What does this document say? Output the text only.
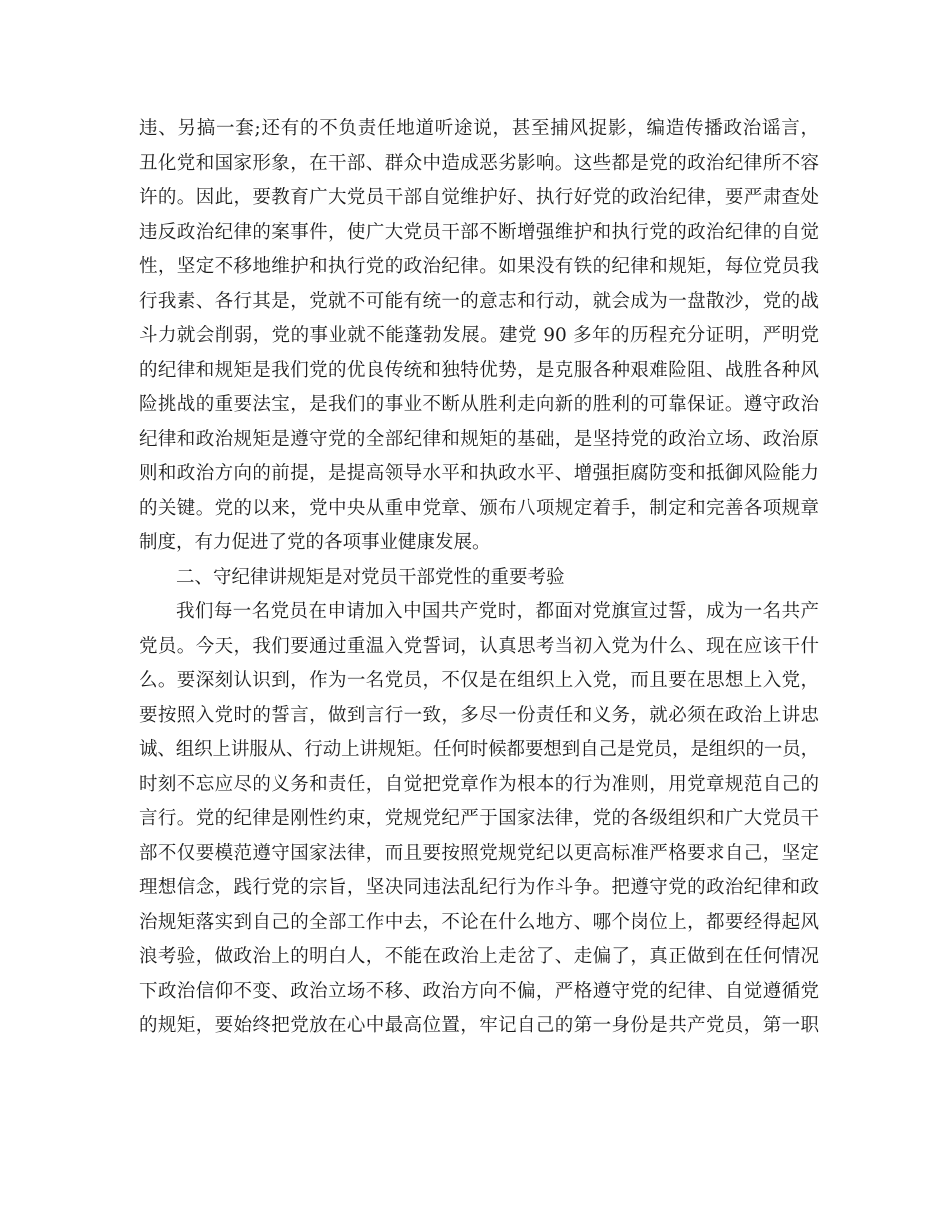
违、另搞一套;还有的不负责任地道听途说，甚至捕风捉影，编造传播政治谣言，
丑化党和国家形象，在干部、群众中造成恶劣影响。这些都是党的政治纪律所不容
许的。因此，要教育广大党员干部自觉维护好、执行好党的政治纪律，要严肃查处
违反政治纪律的案事件，使广大党员干部不断增强维护和执行党的政治纪律的自觉
性，坚定不移地维护和执行党的政治纪律。如果没有铁的纪律和规矩，每位党员我
行我素、各行其是，党就不可能有统一的意志和行动，就会成为一盘散沙，党的战
斗力就会削弱，党的事业就不能蓬勃发展。建党 90 多年的历程充分证明，严明党
的纪律和规矩是我们党的优良传统和独特优势，是克服各种艰难险阻、战胜各种风
险挑战的重要法宝，是我们的事业不断从胜利走向新的胜利的可靠保证。遵守政治
纪律和政治规矩是遵守党的全部纪律和规矩的基础，是坚持党的政治立场、政治原
则和政治方向的前提，是提高领导水平和执政水平、增强拒腐防变和抵御风险能力
的关键。党的以来，党中央从重申党章、颁布八项规定着手，制定和完善各项规章
制度，有力促进了党的各项事业健康发展。
二、守纪律讲规矩是对党员干部党性的重要考验
我们每一名党员在申请加入中国共产党时，都面对党旗宣过誓，成为一名共产
党员。今天，我们要通过重温入党誓词，认真思考当初入党为什么、现在应该干什
么。要深刻认识到，作为一名党员，不仅是在组织上入党，而且要在思想上入党，
要按照入党时的誓言，做到言行一致，多尽一份责任和义务，就必须在政治上讲忠
诚、组织上讲服从、行动上讲规矩。任何时候都要想到自己是党员，是组织的一员，
时刻不忘应尽的义务和责任，自觉把党章作为根本的行为准则，用党章规范自己的
言行。党的纪律是刚性约束，党规党纪严于国家法律，党的各级组织和广大党员干
部不仅要模范遵守国家法律，而且要按照党规党纪以更高标准严格要求自己，坚定
理想信念，践行党的宗旨，坚决同违法乱纪行为作斗争。把遵守党的政治纪律和政
治规矩落实到自己的全部工作中去，不论在什么地方、哪个岗位上，都要经得起风
浪考验，做政治上的明白人，不能在政治上走岔了、走偏了，真正做到在任何情况
下政治信仰不变、政治立场不移、政治方向不偏，严格遵守党的纪律、自觉遵循党
的规矩，要始终把党放在心中最高位置，牢记自己的第一身份是共产党员，第一职
